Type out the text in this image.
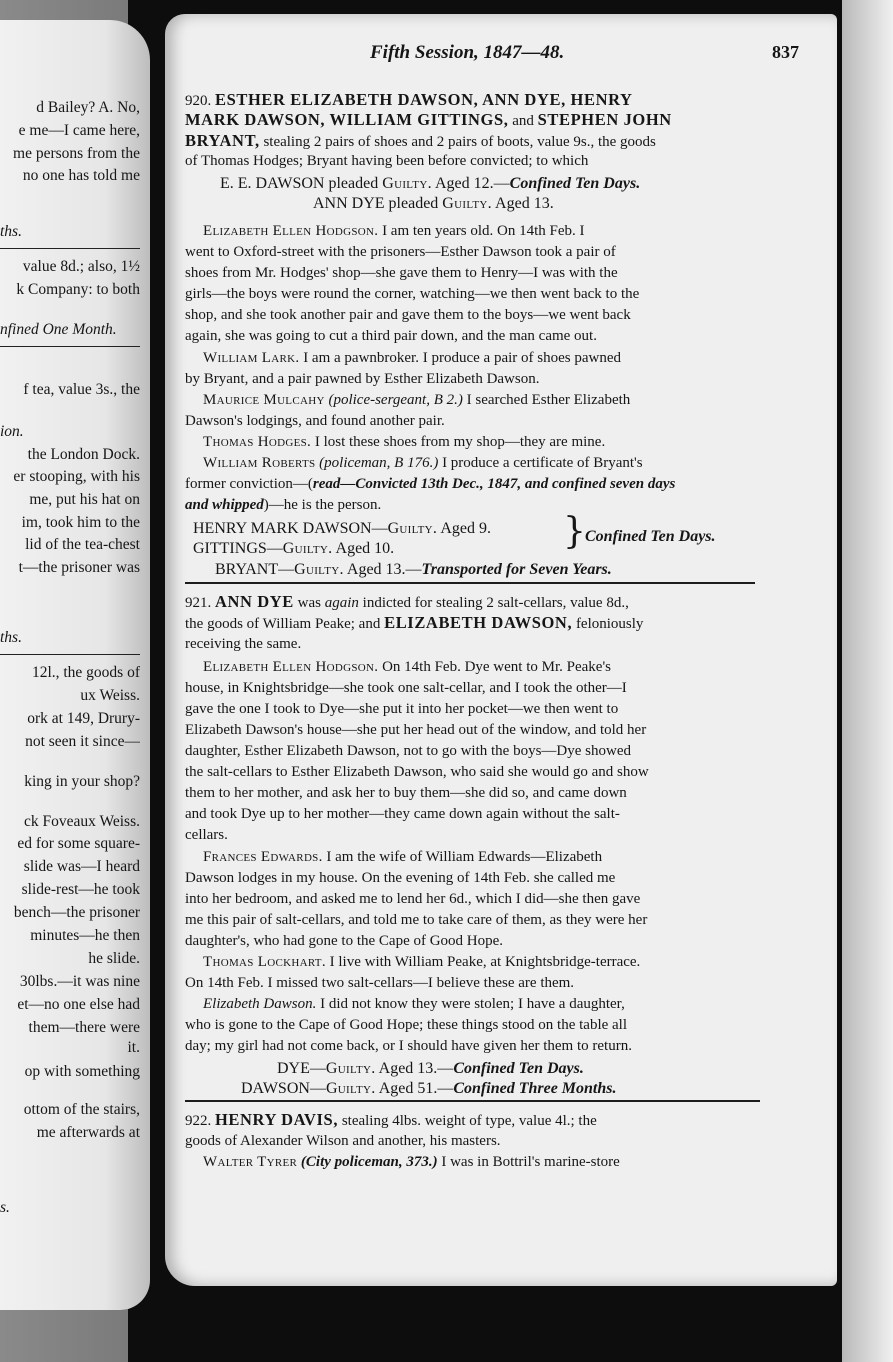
d Bailey? A. No,
e me—I came here,
me persons from the
no one has told me
ths.
value 8d.; also, 1½
k Company: to both
nfined One Month.
f tea, value 3s., the
ion.
the London Dock.
er stooping, with his
me, put his hat on
im, took him to the
lid of the tea-chest
t—the prisoner was
ths.
12l., the goods of
ux Weiss.
ork at 149, Drury-
not seen it since—
king in your shop?
ck Foveaux Weiss.
ed for some square-
slide was—I heard
slide-rest—he took
bench—the prisoner
minutes—he then
he slide.
30lbs.—it was nine
et—no one else had
them—there were
it.
op with something
ottom of the stairs,
me afterwards at
s.
Fifth Session, 1847—48.	837
920. ESTHER ELIZABETH DAWSON, ANN DYE, HENRY
MARK DAWSON, WILLIAM GITTINGS, and STEPHEN JOHN
BRYANT, stealing 2 pairs of shoes and 2 pairs of boots, value 9s., the goods
of Thomas Hodges; Bryant having been before convicted; to which
E. E. DAWSON pleaded Guilty. Aged 12.—Confined Ten Days.
ANN DYE pleaded Guilty. Aged 13.
Elizabeth Ellen Hodgson. I am ten years old. On 14th Feb. I
went to Oxford-street with the prisoners—Esther Dawson took a pair of
shoes from Mr. Hodges' shop—she gave them to Henry—I was with the
girls—the boys were round the corner, watching—we then went back to the
shop, and she took another pair and gave them to the boys—we went back
again, she was going to cut a third pair down, and the man came out.
William Lark. I am a pawnbroker. I produce a pair of shoes pawned
by Bryant, and a pair pawned by Esther Elizabeth Dawson.
Maurice Mulcahy (police-sergeant, B 2.) I searched Esther Elizabeth
Dawson's lodgings, and found another pair.
Thomas Hodges. I lost these shoes from my shop—they are mine.
William Roberts (policeman, B 176.) I produce a certificate of Bryant's
former conviction—(read—Convicted 13th Dec., 1847, and confined seven days
and whipped)—he is the person.
HENRY MARK DAWSON—Guilty. Aged 9.
GITTINGS—Guilty. Aged 10.	} Confined Ten Days.
BRYANT—Guilty. Aged 13.—Transported for Seven Years.
921. ANN DYE was again indicted for stealing 2 salt-cellars, value 8d.,
the goods of William Peake; and ELIZABETH DAWSON, feloniously
receiving the same.
Elizabeth Ellen Hodgson. On 14th Feb. Dye went to Mr. Peake's
house, in Knightsbridge—she took one salt-cellar, and I took the other—I
gave the one I took to Dye—she put it into her pocket—we then went to
Elizabeth Dawson's house—she put her head out of the window, and told her
daughter, Esther Elizabeth Dawson, not to go with the boys—Dye showed
the salt-cellars to Esther Elizabeth Dawson, who said she would go and show
them to her mother, and ask her to buy them—she did so, and came down
and took Dye up to her mother—they came down again without the salt-
cellars.
Frances Edwards. I am the wife of William Edwards—Elizabeth
Dawson lodges in my house. On the evening of 14th Feb. she called me
into her bedroom, and asked me to lend her 6d., which I did—she then gave
me this pair of salt-cellars, and told me to take care of them, as they were her
daughter's, who had gone to the Cape of Good Hope.
Thomas Lockhart. I live with William Peake, at Knightsbridge-terrace.
On 14th Feb. I missed two salt-cellars—I believe these are them.
Elizabeth Dawson. I did not know they were stolen; I have a daughter,
who is gone to the Cape of Good Hope; these things stood on the table all
day; my girl had not come back, or I should have given her them to return.
DYE—Guilty. Aged 13.—Confined Ten Days.
DAWSON—Guilty. Aged 51.—Confined Three Months.
922. HENRY DAVIS, stealing 4lbs. weight of type, value 4l.; the
goods of Alexander Wilson and another, his masters.
Walter Tyrer (City policeman, 373.) I was in Bottril's marine-store
